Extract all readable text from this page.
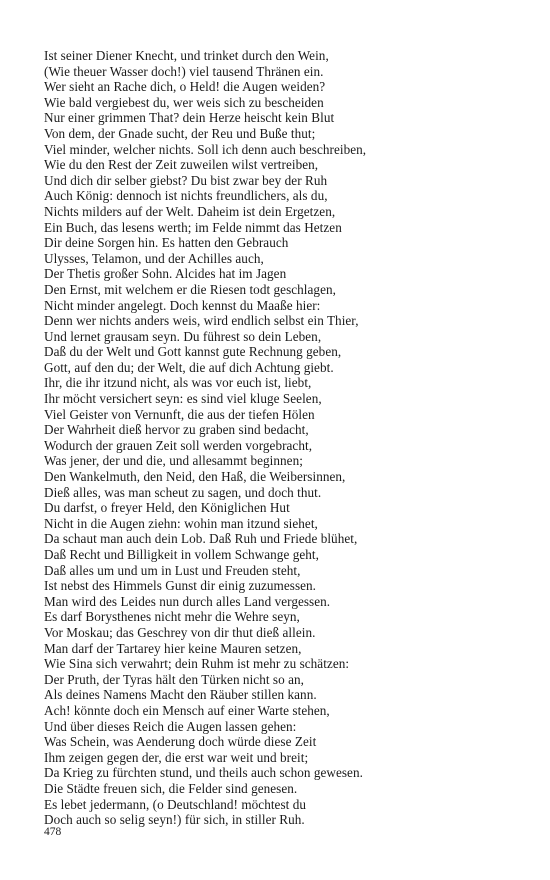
Ist seiner Diener Knecht, und trinket durch den Wein,
(Wie theuer Wasser doch!) viel tausend Thränen ein.
Wer sieht an Rache dich, o Held! die Augen weiden?
Wie bald vergiebest du, wer weis sich zu bescheiden
Nur einer grimmen That? dein Herze heischt kein Blut
Von dem, der Gnade sucht, der Reu und Buße thut;
Viel minder, welcher nichts. Soll ich denn auch beschreiben,
Wie du den Rest der Zeit zuweilen wilst vertreiben,
Und dich dir selber giebst? Du bist zwar bey der Ruh
Auch König: dennoch ist nichts freundlichers, als du,
Nichts milders auf der Welt. Daheim ist dein Ergetzen,
Ein Buch, das lesens werth; im Felde nimmt das Hetzen
Dir deine Sorgen hin. Es hatten den Gebrauch
Ulysses, Telamon, und der Achilles auch,
Der Thetis großer Sohn. Alcides hat im Jagen
Den Ernst, mit welchem er die Riesen todt geschlagen,
Nicht minder angelegt. Doch kennst du Maaße hier:
Denn wer nichts anders weis, wird endlich selbst ein Thier,
Und lernet grausam seyn. Du führest so dein Leben,
Daß du der Welt und Gott kannst gute Rechnung geben,
Gott, auf den du; der Welt, die auf dich Achtung giebt.
Ihr, die ihr itzund nicht, als was vor euch ist, liebt,
Ihr möcht versichert seyn: es sind viel kluge Seelen,
Viel Geister von Vernunft, die aus der tiefen Hölen
Der Wahrheit dieß hervor zu graben sind bedacht,
Wodurch der grauen Zeit soll werden vorgebracht,
Was jener, der und die, und allesammt beginnen;
Den Wankelmuth, den Neid, den Haß, die Weibersinnen,
Dieß alles, was man scheut zu sagen, und doch thut.
Du darfst, o freyer Held, den Königlichen Hut
Nicht in die Augen ziehn: wohin man itzund siehet,
Da schaut man auch dein Lob. Daß Ruh und Friede blühet,
Daß Recht und Billigkeit in vollem Schwange geht,
Daß alles um und um in Lust und Freuden steht,
Ist nebst des Himmels Gunst dir einig zuzumessen.
Man wird des Leides nun durch alles Land vergessen.
Es darf Borysthenes nicht mehr die Wehre seyn,
Vor Moskau; das Geschrey von dir thut dieß allein.
Man darf der Tartarey hier keine Mauren setzen,
Wie Sina sich verwahrt; dein Ruhm ist mehr zu schätzen:
Der Pruth, der Tyras hält den Türken nicht so an,
Als deines Namens Macht den Räuber stillen kann.
Ach! könnte doch ein Mensch auf einer Warte stehen,
Und über dieses Reich die Augen lassen gehen:
Was Schein, was Aenderung doch würde diese Zeit
Ihm zeigen gegen der, die erst war weit und breit;
Da Krieg zu fürchten stund, und theils auch schon gewesen.
Die Städte freuen sich, die Felder sind genesen.
Es lebet jedermann, (o Deutschland! möchtest du
Doch auch so selig seyn!) für sich, in stiller Ruh.
478
